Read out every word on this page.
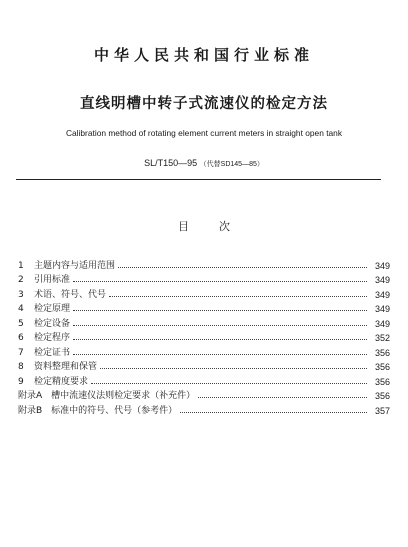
中华人民共和国行业标准
直线明槽中转子式流速仪的检定方法
Calibration method of rotating element current meters in straight open tank
SL/T150—95 （代替SD145—85）
目次
1	主题内容与适用范围	349
2	引用标准	349
3	术语、符号、代号	349
4	检定原理	349
5	检定设备	349
6	检定程序	352
7	检定证书	356
8	资料整理和保管	356
9	检定精度要求	356
附录A　槽中流速仪法则检定要求（补充件）	356
附录B　标准中的符号、代号（参考件）	357
